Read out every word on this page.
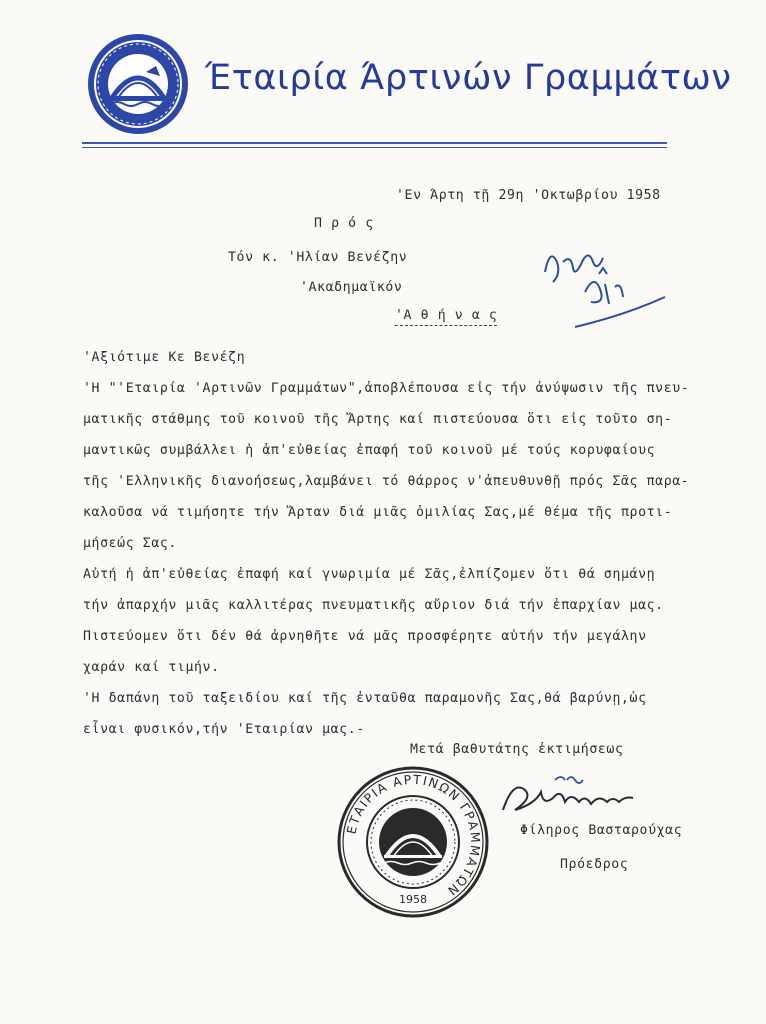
Έταιρία Άρτινών Γραμμάτων
'Εν Άρτη τῇ 29η 'Οκτωβρίου 1958
Π ρ ό ς
Τόν κ. 'Ηλίαν Βενέζην
'Ακαδημαϊκόν
'Α θ ή ν α ς
'Αξιότιμε Κε Βενέζη
'Η "'Εταιρία 'Αρτινῶν Γραμμάτων",ἀποβλέπουσα εἰς τήν ἀνύψωσιν τῆς πνευ-
ματικῆς στάθμης τοῦ κοινοῦ τῆς Ἄρτης καί πιστεύουσα ὅτι εἰς τοῦτο ση-
μαντικῶς συμβάλλει ἡ ἀπ'εὐθείας ἐπαφή τοῦ κοινοῦ μέ τούς κορυφαίους
τῆς 'Ελληνικῆς διανοήσεως,λαμβάνει τό θάρρος ν'ἀπευθυνθῇ πρός Σᾶς παρα-
καλοῦσα νά τιμήσητε τήν Ἄρταν διά μιᾶς ὁμιλίας Σας,μέ θέμα τῆς προτι-
μήσεώς Σας.
Αὐτή ἡ ἀπ'εὐθείας ἐπαφή καί γνωριμία μέ Σᾶς,ἐλπίζομεν ὅτι θά σημάνῃ
τήν ἀπαρχήν μιᾶς καλλιτέρας πνευματικῆς αὔριον διά τήν ἐπαρχίαν μας.
Πιστεύομεν ὅτι δέν θά ἀρνηθῆτε νά μᾶς προσφέρητε αὐτήν τήν μεγάλην
χαράν καί τιμήν.
'Η δαπάνη τοῦ ταξειδίου καί τῆς ἐνταῦθα παραμονῆς Σας,θά βαρύνῃ,ὡς
εἶναι φυσικόν,τήν 'Εταιρίαν μας.-
Μετά βαθυτάτης ἐκτιμήσεως
Φίληρος Βασταρούχας
Πρόεδρος
ΕΤΑΙΡΙΑ ΑΡΤΙΝΩΝ ΓΡΑΜΜΑΤΩΝ
1958
